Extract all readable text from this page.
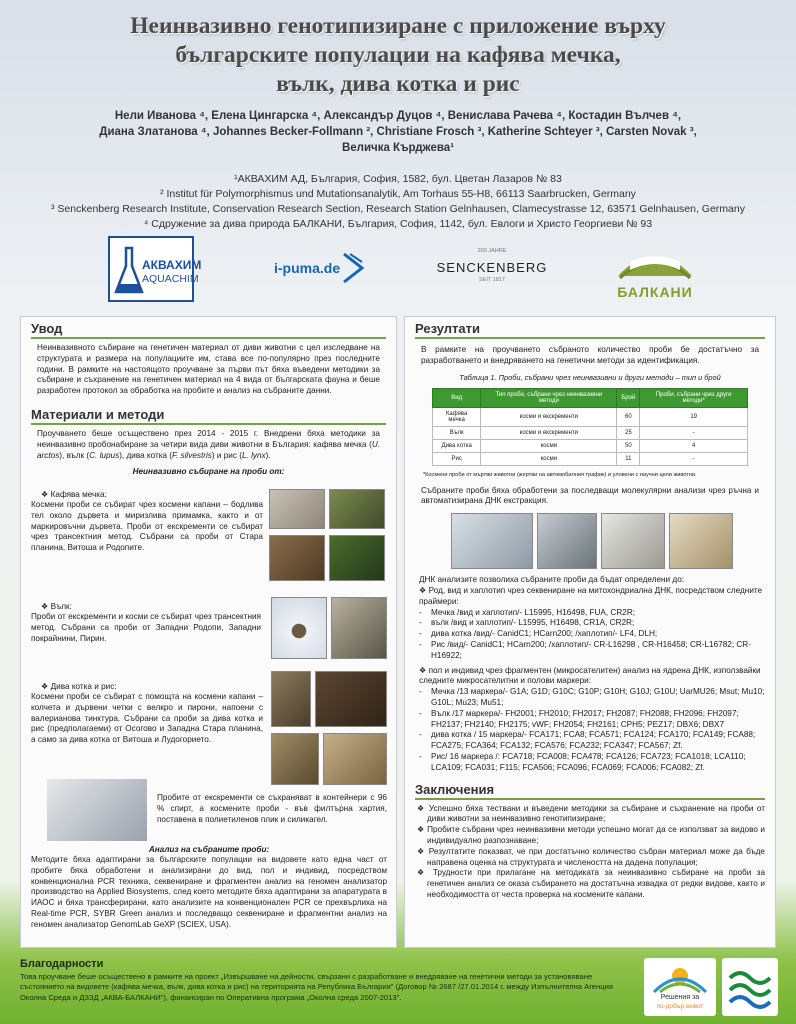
Неинвазивно генотипизиране с приложение върху
българските популации на кафява мечка,
вълк, дива котка и рис
Нели Иванова ⁴, Елена Цингарска ⁴, Александър Дуцов ⁴, Венислава Рачева ⁴, Костадин Вълчев ⁴,
Диана Златанова ⁴, Johannes Becker-Follmann ², Christiane Frosch ³, Katherine Schteyer ³, Carsten Novak ³,
Величка Кърджева¹
¹АКВАХИМ АД, България, София, 1582, бул. Цветан Лазаров № 83
² Institut für Polymorphismus und Mutationsanalytik, Am Torhaus 55-H8, 66113 Saarbrucken, Germany
³ Senckenberg Research Institute, Conservation Research Section, Research Station Gelnhausen, Clamecystrasse 12, 63571 Gelnhausen, Germany
⁴ Сдружение за дива природа БАЛКАНИ, България, София, 1142, бул. Евлоги и Христо Георгиеви № 93
АКВАХИМ
AQUACHIM
i-puma.de
200 JAHRE
SENCKENBERG
SEIT 1817
БАЛКАНИ
Увод

Неинвазивното събиране на генетичен материал от диви животни с цел изследване на структурата и размера на популациите им, става все по-популярно през последните години. В рамките на настоящото проучване за първи път бяха въведени методики за събиране и съхранение на генетичен материал на 4 вида от българската фауна и беше разработен протокол за обработка на пробите и анализ на събраните данни.

Материали и методи

Проучването беше осъществено през 2014 - 2015 г. Внедрени бяха методики за неинвазивно пробонабиране за четири вида диви животни в България: кафява мечка (U. arctos), вълк (C. lupus), дива котка (F. silvestris) и рис (L. lynx).

Неинвазивно събиране на проби от:
❖ Кафява мечка:

Космени проби се събират чрез космени капани – бодлива тел около дървета и миризлива примамка, както и от маркировъчни дървета. Проби от екскременти се събират чрез трансектния метод. Събрани са проби от Стара планина, Витоша и Родопите.

❖ Вълк:

Проби от екскременти и косми се събират чрез трансектния метод. Събрани са проби от Западни Родопи, Западни покрайнини, Пирин.

❖ Дива котка и рис:

Космени проби се събират с помощта на космени капани – колчета и дървени четки с велкро и пирони, напоени с валерианова тинктура. Събрани са проби за дива котка и рис (предполагаеми) от Осогово и Западна Стара планина, а само за дива котка от Витоша и Лудогорието.

Пробите от екскременти се съхраняват в контейнери с 96 % спирт, а космените проби - във филтърна хартия, поставена в полиетиленов плик и силикагел.

Анализ на събраните проби:

Методите бяха адаптирани за българските популации на видовете като една част от пробите бяха обработени и анализирани до вид, пол и индивид, посредством конвенционална PCR техника, секвениране и фрагментен анализ на геномен анализатор производство на Applied Biosystems, след което методите бяха адаптирани за апаратурата в ИАОС и бяха трансферирани, като анализите на конвенционален PCR се прехвърлиха на Real-time PCR, SYBR Green анализ и последващо секвениране и фрагментни анализ на геномен анализатор GenomLab GeXP (SCIEX, USA).

Резултати

В рамките на проучването събраното количество проби бе достатъчно за разработването и внедряването на генетични методи за идентификация.

Таблица 1. Проби, събрани чрез неинвазивни и други методи – тип и брой
Вид	Тип проби, събрани чрез неинвазивни методи	Брой	Проби, събрани чрез други методи*
Кафява мечка	косми и екскременти	60	19
Вълк	косми и екскременти	25	-
Дива котка	косми	50	4
Рис	косми	11	-
*Космени проби от мъртви животни (жертви на автомобилния трафик) и уловени с научни цели животни.

Събраните проби бяха обработени за последващи молекулярни анализи чрез ръчна и автоматизирана ДНК екстракция.

ДНК анализите позволиха събраните проби да бъдат определени до:
❖ Род, вид и хаплотип чрез секвениране на митохондриална ДНК, посредством следните праймери:
- Мечка /вид и хаплотип/- L15995, H16498, FUA, CR2R;
- вълк /вид и хаплотип/- L15995, H16498, CR1A, CR2R;
- дива котка /вид/- CanidC1; HCarn200; /хаплотип/- LF4, DLH;
- Рис /вид/- CanidC1; HCarn200; /хаплотип/- CR-L16298 , CR-H16458; CR-L16782; CR-H16922;
❖ пол и индивид чрез фрагментен (микросателитен) анализ на ядрена ДНК, използвайки следните микросателитни и полови маркери:
- Мечка /13 маркера/- G1A; G1D; G10C; G10P; G10H; G10J; G10U; UarMU26; Msut; Mu10; G10L; Mu23; Mu51;
- Вълк /17 маркера/- FH2001; FH2010; FH2017; FH2087; FH2088; FH2096; FH2097; FH2137; FH2140; FH2175; vWF; FH2054; FH2161; CPH5; PEZ17; DBX6; DBX7
- дива котка / 15 маркера/- FCA171; FCA8; FCA571; FCA124; FCA170; FCA149; FCA88; FCA275; FCA364; FCA132; FCA576; FCA232; FCA347; FCA567; Zf.
- Рис/ 16 маркера /: FCA718; FCA008; FCA478; FCA126; FCA723; FCA1018; LCA110; LCA109; FCA031; F115; FCA506; FCA096; FCA069; FCA006; FCA082; Zf.
Заключения
❖ Успешно бяха тествани и въведени методики за събиране и съхранение на проби от диви животни за неинвазивно генотипизиране;
❖ Пробите събрани чрез неинвазивни методи успешно могат да се използват за видово и индивидуално разпознаване;
❖ Резултатите показват, че при достатъчно количество събран материал може да бъде направена оценка на структурата и числеността на дадена популация;
❖ Трудности при прилагане на методиката за неинвазивно събиране на проби за генетичен анализ се оказа събирането на достатъчна извадка от редки видове, както и необходимостта от честа проверка на космените капани.
Благодарности
Това проучване беше осъществено в рамките на проект „Извършване на дейности, свързани с разработване и внедряване на генетични методи за установяване състоянието на видовете (кафява мечка, вълк, дива котка и рис) на територията на Република България" (Договор № 2687 /27.01.2014 г. между Изпълнителна Агенция Околна Среда и ДЗЗД „АКВА-БАЛКАНИ"), финансиран по Оперативна програма „Околна среда 2007-2013".	Решения за
по-добър живот
